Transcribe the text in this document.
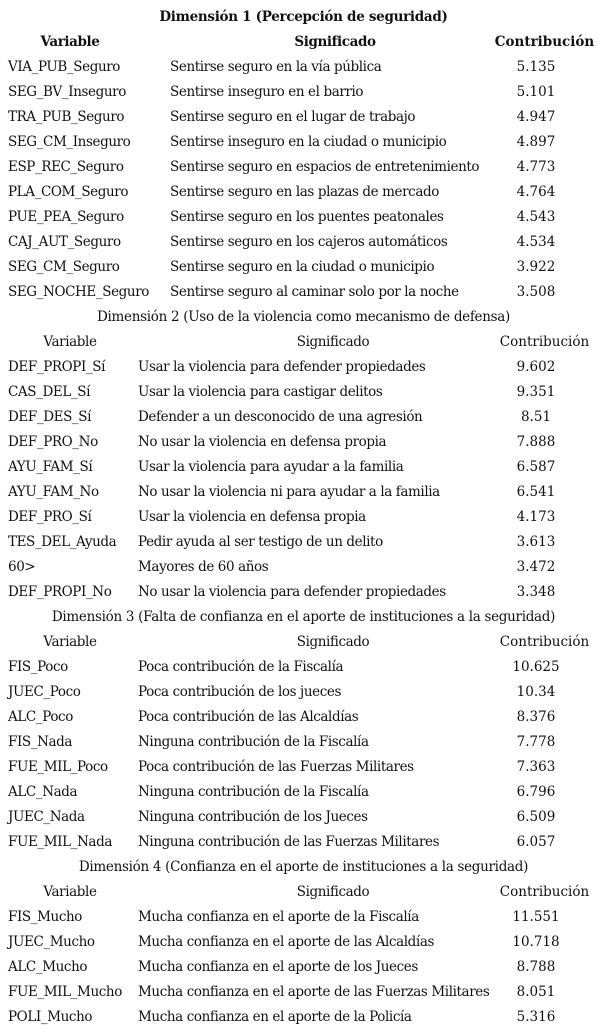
Dimensión 1 (Percepción de seguridad)
Variable	Significado	Contribución
VIA_PUB_Seguro	Sentirse seguro en la vía pública	5.135
SEG_BV_Inseguro	Sentirse inseguro en el barrio	5.101
TRA_PUB_Seguro	Sentirse seguro en el lugar de trabajo	4.947
SEG_CM_Inseguro	Sentirse inseguro en la ciudad o municipio	4.897
ESP_REC_Seguro	Sentirse seguro en espacios de entretenimiento	4.773
PLA_COM_Seguro	Sentirse seguro en las plazas de mercado	4.764
PUE_PEA_Seguro	Sentirse seguro en los puentes peatonales	4.543
CAJ_AUT_Seguro	Sentirse seguro en los cajeros automáticos	4.534
SEG_CM_Seguro	Sentirse seguro en la ciudad o municipio	3.922
SEG_NOCHE_Seguro Sentirse seguro al caminar solo por la noche	3.508
Dimensión 2 (Uso de la violencia como mecanismo de defensa)
Variable	Significado	Contribución
DEF_PROPI_Sí Usar la violencia para defender propiedades	9.602
CAS_DEL_Sí	Usar la violencia para castigar delitos	9.351
DEF_DES_Sí	Defender a un desconocido de una agresión	8.51
DEF_PRO_No	No usar la violencia en defensa propia	7.888
AYU_FAM_Sí	Usar la violencia para ayudar a la familia	6.587
AYU_FAM_No	No usar la violencia ni para ayudar a la familia	6.541
DEF_PRO_Sí	Usar la violencia en defensa propia	4.173
TES_DEL_Ayuda Pedir ayuda al ser testigo de un delito	3.613
60>	Mayores de 60 años	3.472
DEF_PROPI_No No usar la violencia para defender propiedades	3.348
Dimensión 3 (Falta de confianza en el aporte de instituciones a la seguridad)
Variable	Significado	Contribución
FIS_Poco	Poca contribución de la Fiscalía	10.625
JUEC_Poco	Poca contribución de los jueces	10.34
ALC_Poco	Poca contribución de las Alcaldías	8.376
FIS_Nada	Ninguna contribución de la Fiscalía	7.778
FUE_MIL_Poco Poca contribución de las Fuerzas Militares	7.363
ALC_Nada	Ninguna contribución de la Fiscalía	6.796
JUEC_Nada	Ninguna contribución de los Jueces	6.509
FUE_MIL_Nada Ninguna contribución de las Fuerzas Militares	6.057
Dimensión 4 (Confianza en el aporte de instituciones a la seguridad)
Variable	Significado	Contribución
FIS_Mucho	Mucha confianza en el aporte de la Fiscalía	11.551
JUEC_Mucho	Mucha confianza en el aporte de las Alcaldías	10.718
ALC_Mucho	Mucha confianza en el aporte de los Jueces	8.788
FUE_MIL_Mucho Mucha confianza en el aporte de las Fuerzas Militares	8.051
POLI_Mucho	Mucha confianza en el aporte de la Policía	5.316
